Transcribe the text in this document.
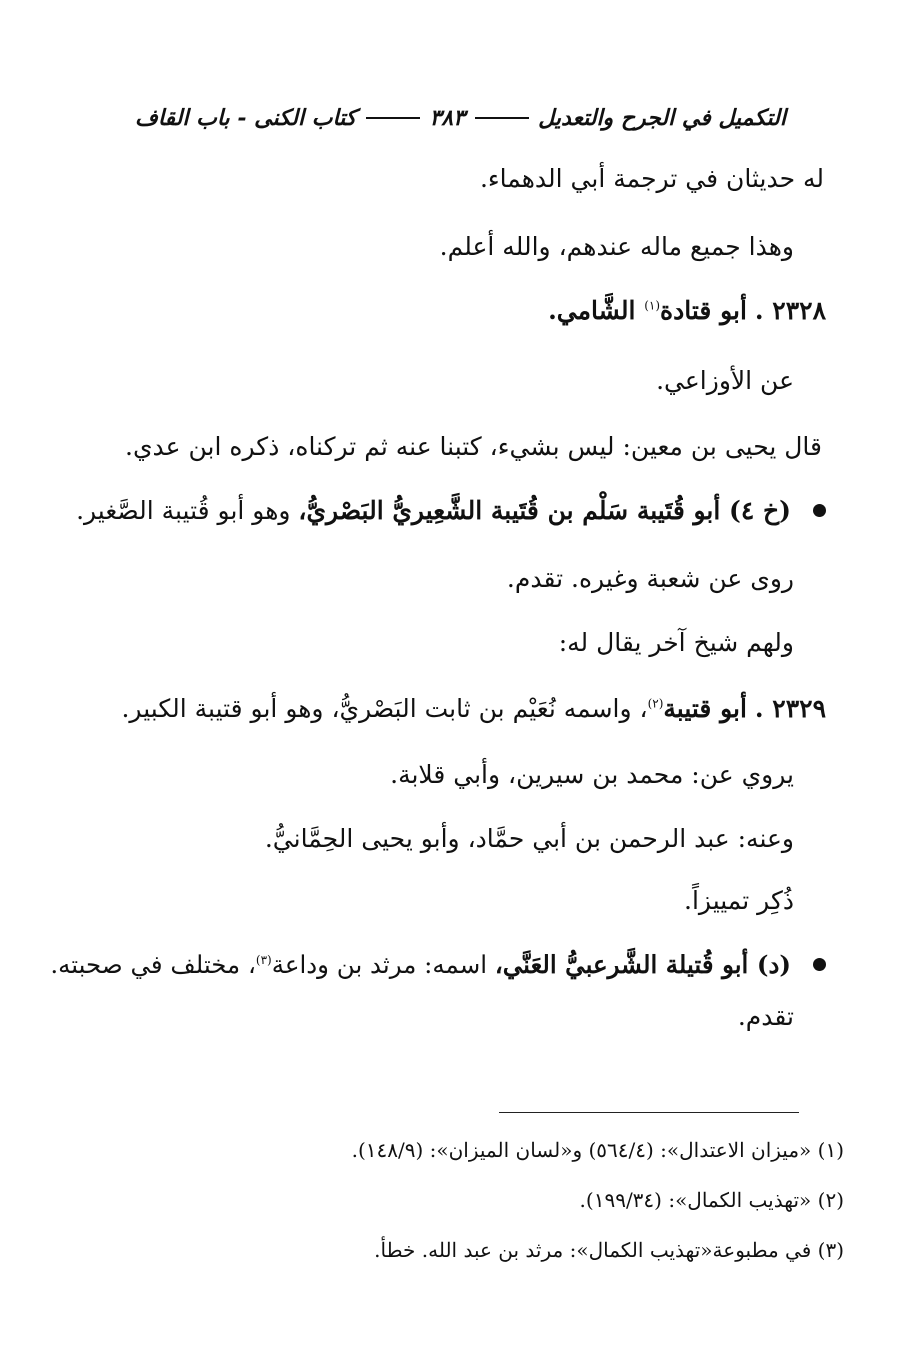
التكميل في الجرح والتعديل
٣٨٣
كتاب الكنى - باب القاف
له حديثان في ترجمة أبي الدهماء.
وهذا جميع ماله عندهم، والله أعلم.
٢٣٢٨ . أبو قتادة$^{(١)}$ الشَّامي.
عن الأوزاعي.
قال يحيى بن معين: ليس بشيء، كتبنا عنه ثم تركناه، ذكره ابن عدي.
(خ ٤) أبو قُتَيبة سَلْم بن قُتَيبة الشَّعِيريُّ البَصْريُّ، وهو أبو قُتيبة الصَّغير.
روى عن شعبة وغيره. تقدم.
ولهم شيخ آخر يقال له:
٢٣٢٩ . أبو قتيبة$^{(٢)}$، واسمه نُعَيْم بن ثابت البَصْريُّ، وهو أبو قتيبة الكبير.
يروي عن: محمد بن سيرين، وأبي قلابة.
وعنه: عبد الرحمن بن أبي حمَّاد، وأبو يحيى الحِمَّانيُّ.
ذُكِر تمييزاً.
(د) أبو قُتيلة الشَّرعبيُّ العَنَّي، اسمه: مرثد بن وداعة$^{(٣)}$، مختلف في صحبته.
تقدم.
(١) «ميزان الاعتدال»: (٥٦٤/٤) و«لسان الميزان»: (١٤٨/٩).
(٢) «تهذيب الكمال»: (١٩٩/٣٤).
(٣) في مطبوعة«تهذيب الكمال»: مرثد بن عبد الله. خطأ.
